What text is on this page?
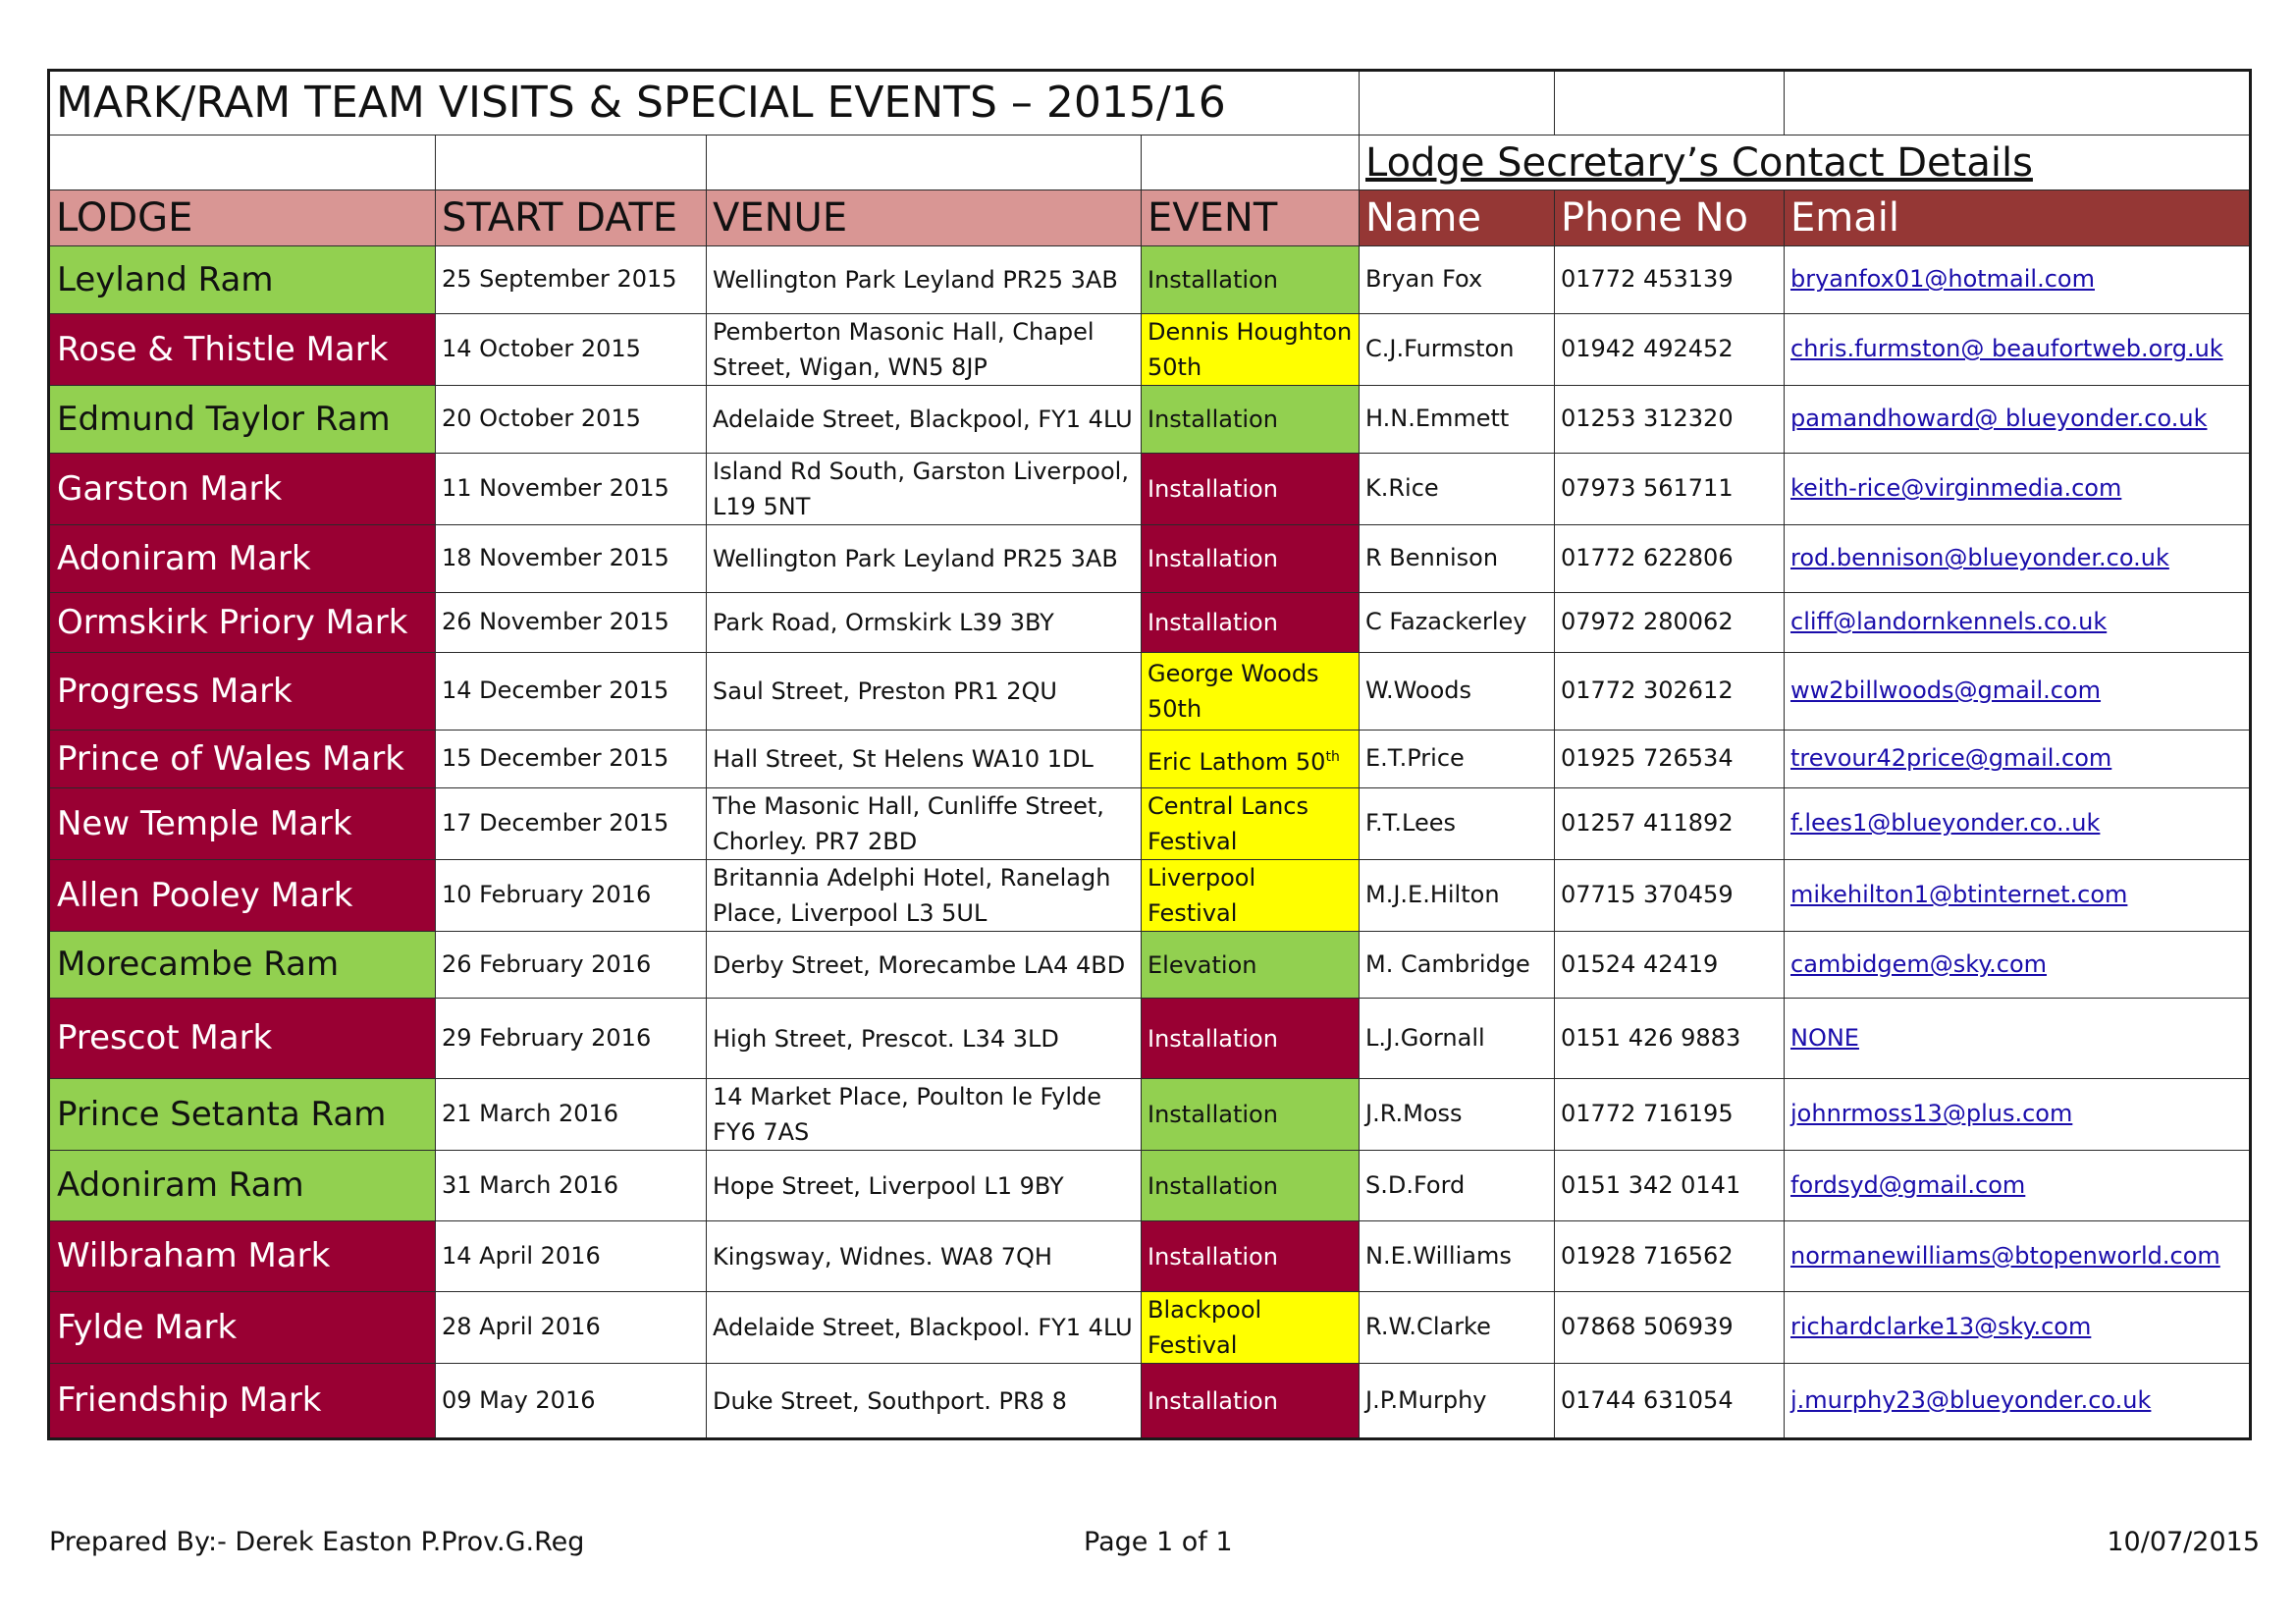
MARK/RAM TEAM VISITS & SPECIAL EVENTS – 2015/16						
				Lodge Secretary’s Contact Details		
LODGE	START DATE	VENUE	EVENT	Name	Phone No	Email
Leyland Ram	25 September 2015	Wellington Park Leyland PR25 3AB	Installation	Bryan Fox	01772 453139	bryanfox01@hotmail.com
Rose & Thistle Mark	14 October 2015	Pemberton Masonic Hall, Chapel Street, Wigan, WN5 8JP	Dennis Houghton 50th	C.J.Furmston	01942 492452	chris.furmston@ beaufortweb.org.uk
Edmund Taylor Ram	20 October 2015	Adelaide Street, Blackpool, FY1 4LU	Installation	H.N.Emmett	01253 312320	pamandhoward@ blueyonder.co.uk
Garston Mark	11 November 2015	Island Rd South, Garston Liverpool, L19 5NT	Installation	K.Rice	07973 561711	keith-rice@virginmedia.com
Adoniram Mark	18 November 2015	Wellington Park Leyland PR25 3AB	Installation	R Bennison	01772 622806	rod.bennison@blueyonder.co.uk
Ormskirk Priory Mark	26 November 2015	Park Road, Ormskirk L39 3BY	Installation	C Fazackerley	07972 280062	cliff@landornkennels.co.uk
Progress Mark	14 December 2015	Saul Street, Preston PR1 2QU	George Woods 50th	W.Woods	01772 302612	ww2billwoods@gmail.com
Prince of Wales Mark	15 December 2015	Hall Street, St Helens WA10 1DL	Eric Lathom 50th	E.T.Price	01925 726534	trevour42price@gmail.com
New Temple Mark	17 December 2015	The Masonic Hall, Cunliffe Street, Chorley. PR7 2BD	Central Lancs Festival	F.T.Lees	01257 411892	f.lees1@blueyonder.co..uk
Allen Pooley Mark	10 February 2016	Britannia Adelphi Hotel, Ranelagh Place, Liverpool L3 5UL	Liverpool Festival	M.J.E.Hilton	07715 370459	mikehilton1@btinternet.com
Morecambe Ram	26 February 2016	Derby Street, Morecambe LA4 4BD	Elevation	M. Cambridge	01524 42419	cambidgem@sky.com
Prescot Mark	29 February 2016	High Street, Prescot. L34 3LD	Installation	L.J.Gornall	0151 426 9883	NONE
Prince Setanta Ram	21 March 2016	14 Market Place, Poulton le Fylde FY6 7AS	Installation	J.R.Moss	01772 716195	johnrmoss13@plus.com
Adoniram Ram	31 March 2016	Hope Street, Liverpool L1 9BY	Installation	S.D.Ford	0151 342 0141	fordsyd@gmail.com
Wilbraham Mark	14 April 2016	Kingsway, Widnes. WA8 7QH	Installation	N.E.Williams	01928 716562	normanewilliams@btopenworld.com
Fylde Mark	28 April 2016	Adelaide Street, Blackpool. FY1 4LU	Blackpool Festival	R.W.Clarke	07868 506939	richardclarke13@sky.com
Friendship Mark	09 May 2016	Duke Street, Southport. PR8 8	Installation	J.P.Murphy	01744 631054	j.murphy23@blueyonder.co.uk
Prepared By:- Derek Easton P.Prov.G.Reg	Page 1 of 1	10/07/2015
